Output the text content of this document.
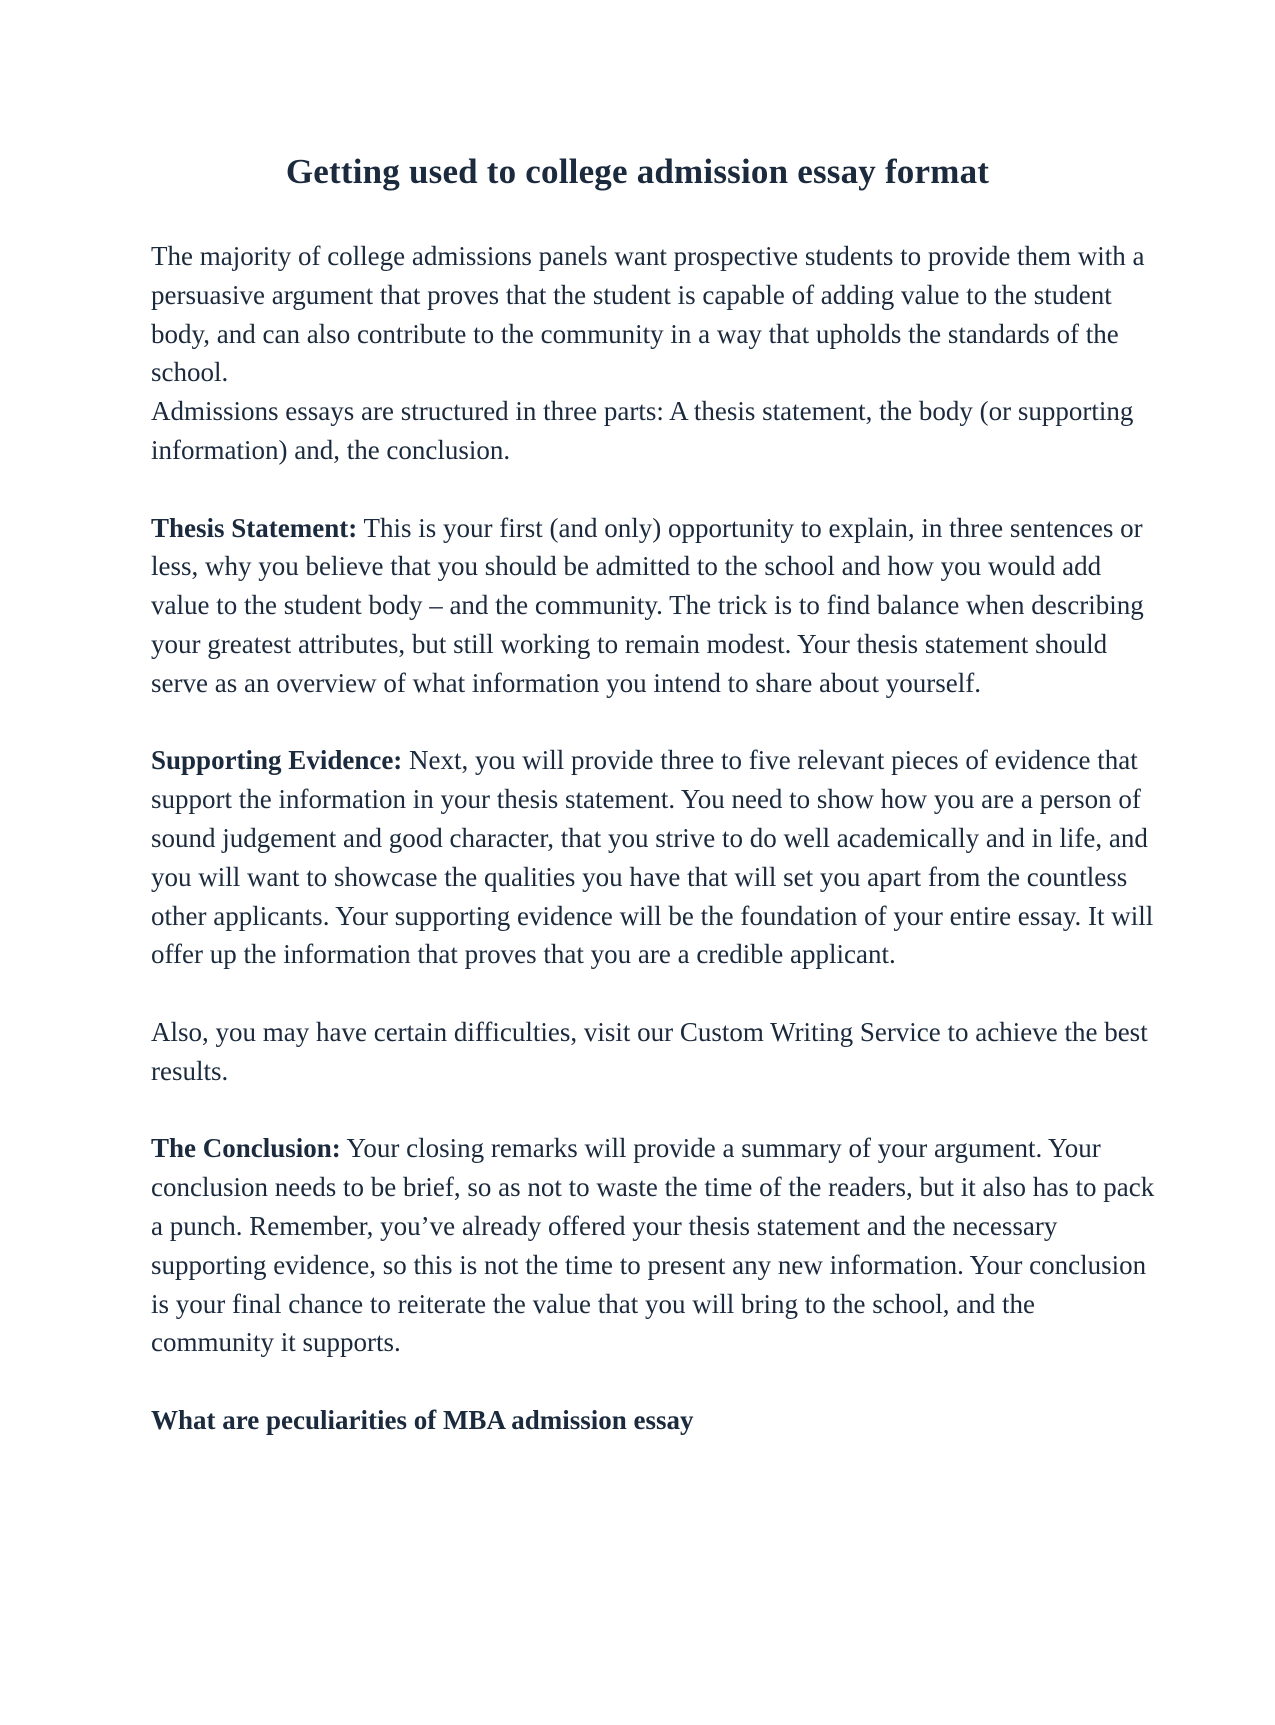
Getting used to college admission essay format

The majority of college admissions panels want prospective students to provide them with a persuasive argument that proves that the student is capable of adding value to the student body, and can also contribute to the community in a way that upholds the standards of the school.

Admissions essays are structured in three parts: A thesis statement, the body (or supporting information) and, the conclusion.

Thesis Statement: This is your first (and only) opportunity to explain, in three sentences or less, why you believe that you should be admitted to the school and how you would add value to the student body – and the community. The trick is to find balance when describing your greatest attributes, but still working to remain modest. Your thesis statement should serve as an overview of what information you intend to share about yourself.

Supporting Evidence: Next, you will provide three to five relevant pieces of evidence that support the information in your thesis statement. You need to show how you are a person of sound judgement and good character, that you strive to do well academically and in life, and you will want to showcase the qualities you have that will set you apart from the countless other applicants. Your supporting evidence will be the foundation of your entire essay. It will offer up the information that proves that you are a credible applicant.

Also, you may have certain difficulties, visit our Custom Writing Service to achieve the best results.

The Conclusion: Your closing remarks will provide a summary of your argument. Your conclusion needs to be brief, so as not to waste the time of the readers, but it also has to pack a punch. Remember, you’ve already offered your thesis statement and the necessary supporting evidence, so this is not the time to present any new information. Your conclusion is your final chance to reiterate the value that you will bring to the school, and the community it supports.

What are peculiarities of MBA admission essay
